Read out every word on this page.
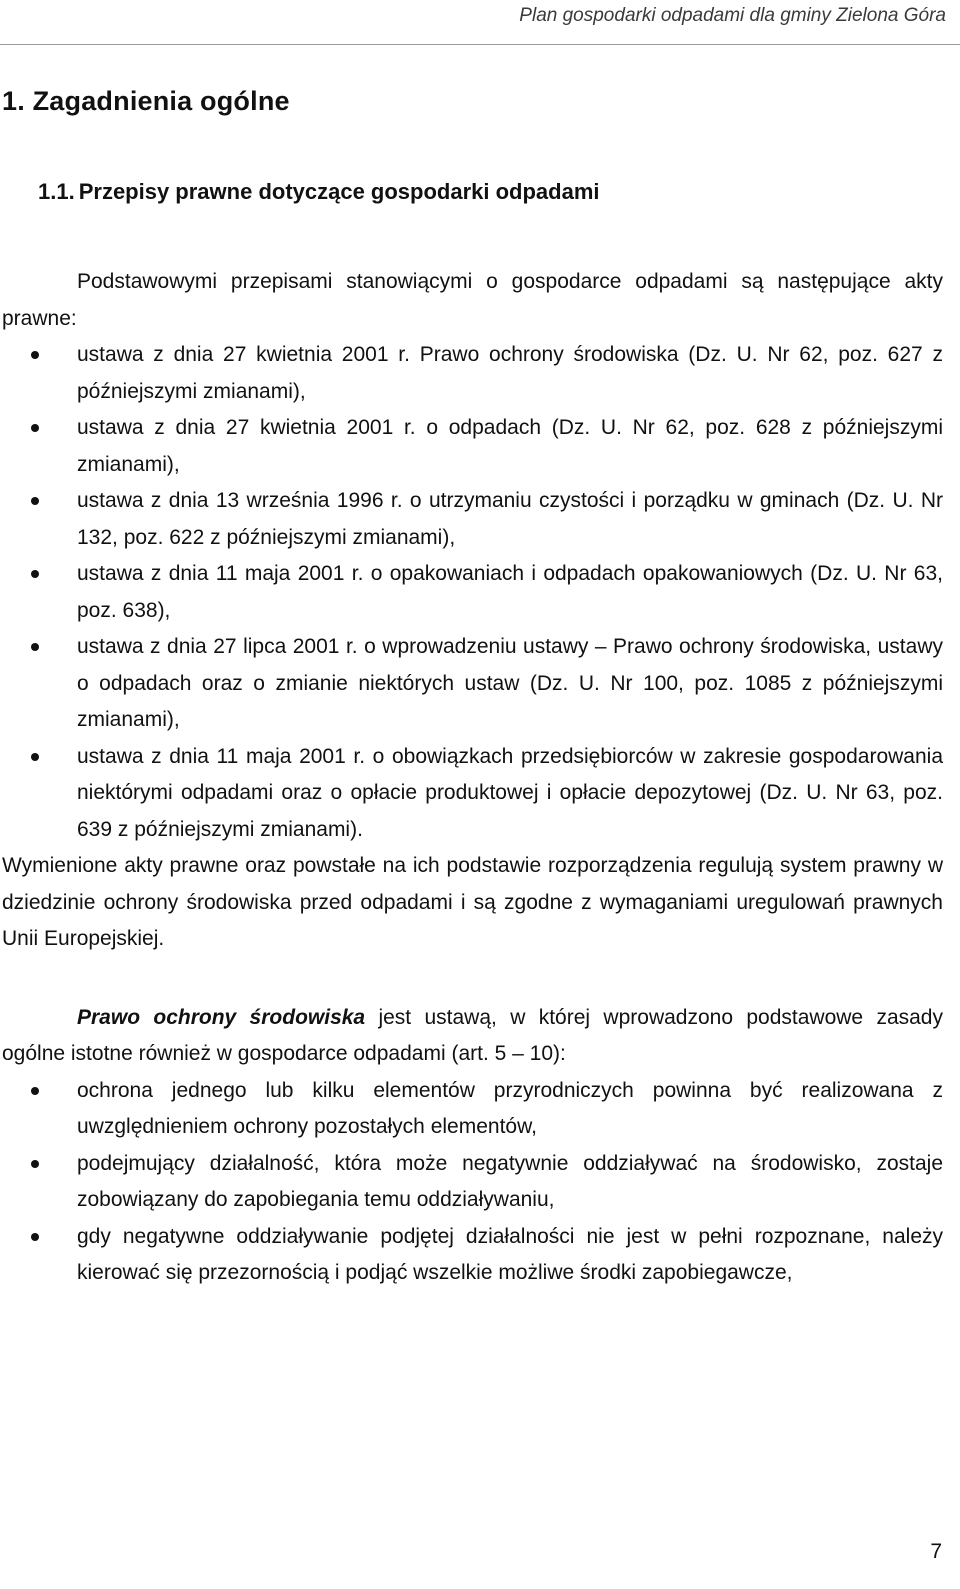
Plan gospodarki odpadami dla gminy Zielona Góra
1. Zagadnienia ogólne
1.1. Przepisy prawne dotyczące gospodarki odpadami

Podstawowymi przepisami stanowiącymi o gospodarce odpadami są następujące akty prawne:

ustawa z dnia 27 kwietnia 2001 r. Prawo ochrony środowiska (Dz. U. Nr 62, poz. 627 z późniejszymi zmianami),
ustawa z dnia 27 kwietnia 2001 r. o odpadach (Dz. U. Nr 62, poz. 628 z późniejszymi zmianami),
ustawa z dnia 13 września 1996 r. o utrzymaniu czystości i porządku w gminach (Dz. U. Nr 132, poz. 622 z późniejszymi zmianami),
ustawa z dnia 11 maja 2001 r. o opakowaniach i odpadach opakowaniowych (Dz. U. Nr 63, poz. 638),
ustawa z dnia 27 lipca 2001 r. o wprowadzeniu ustawy – Prawo ochrony środowiska, ustawy o odpadach oraz o zmianie niektórych ustaw (Dz. U. Nr 100, poz. 1085 z późniejszymi zmianami),
ustawa z dnia 11 maja 2001 r. o obowiązkach przedsiębiorców w zakresie gospodarowania niektórymi odpadami oraz o opłacie produktowej i opłacie depozytowej (Dz. U. Nr 63, poz. 639 z późniejszymi zmianami).

Wymienione akty prawne oraz powstałe na ich podstawie rozporządzenia regulują system prawny w dziedzinie ochrony środowiska przed odpadami i są zgodne z wymaganiami uregulowań prawnych Unii Europejskiej.

Prawo ochrony środowiska jest ustawą, w której wprowadzono podstawowe zasady ogólne istotne również w gospodarce odpadami (art. 5 – 10):

ochrona jednego lub kilku elementów przyrodniczych powinna być realizowana z uwzględnieniem ochrony pozostałych elementów,
podejmujący działalność, która może negatywnie oddziaływać na środowisko, zostaje zobowiązany do zapobiegania temu oddziaływaniu,
gdy negatywne oddziaływanie podjętej działalności nie jest w pełni rozpoznane, należy kierować się przezornością i podjąć wszelkie możliwe środki zapobiegawcze,
7
